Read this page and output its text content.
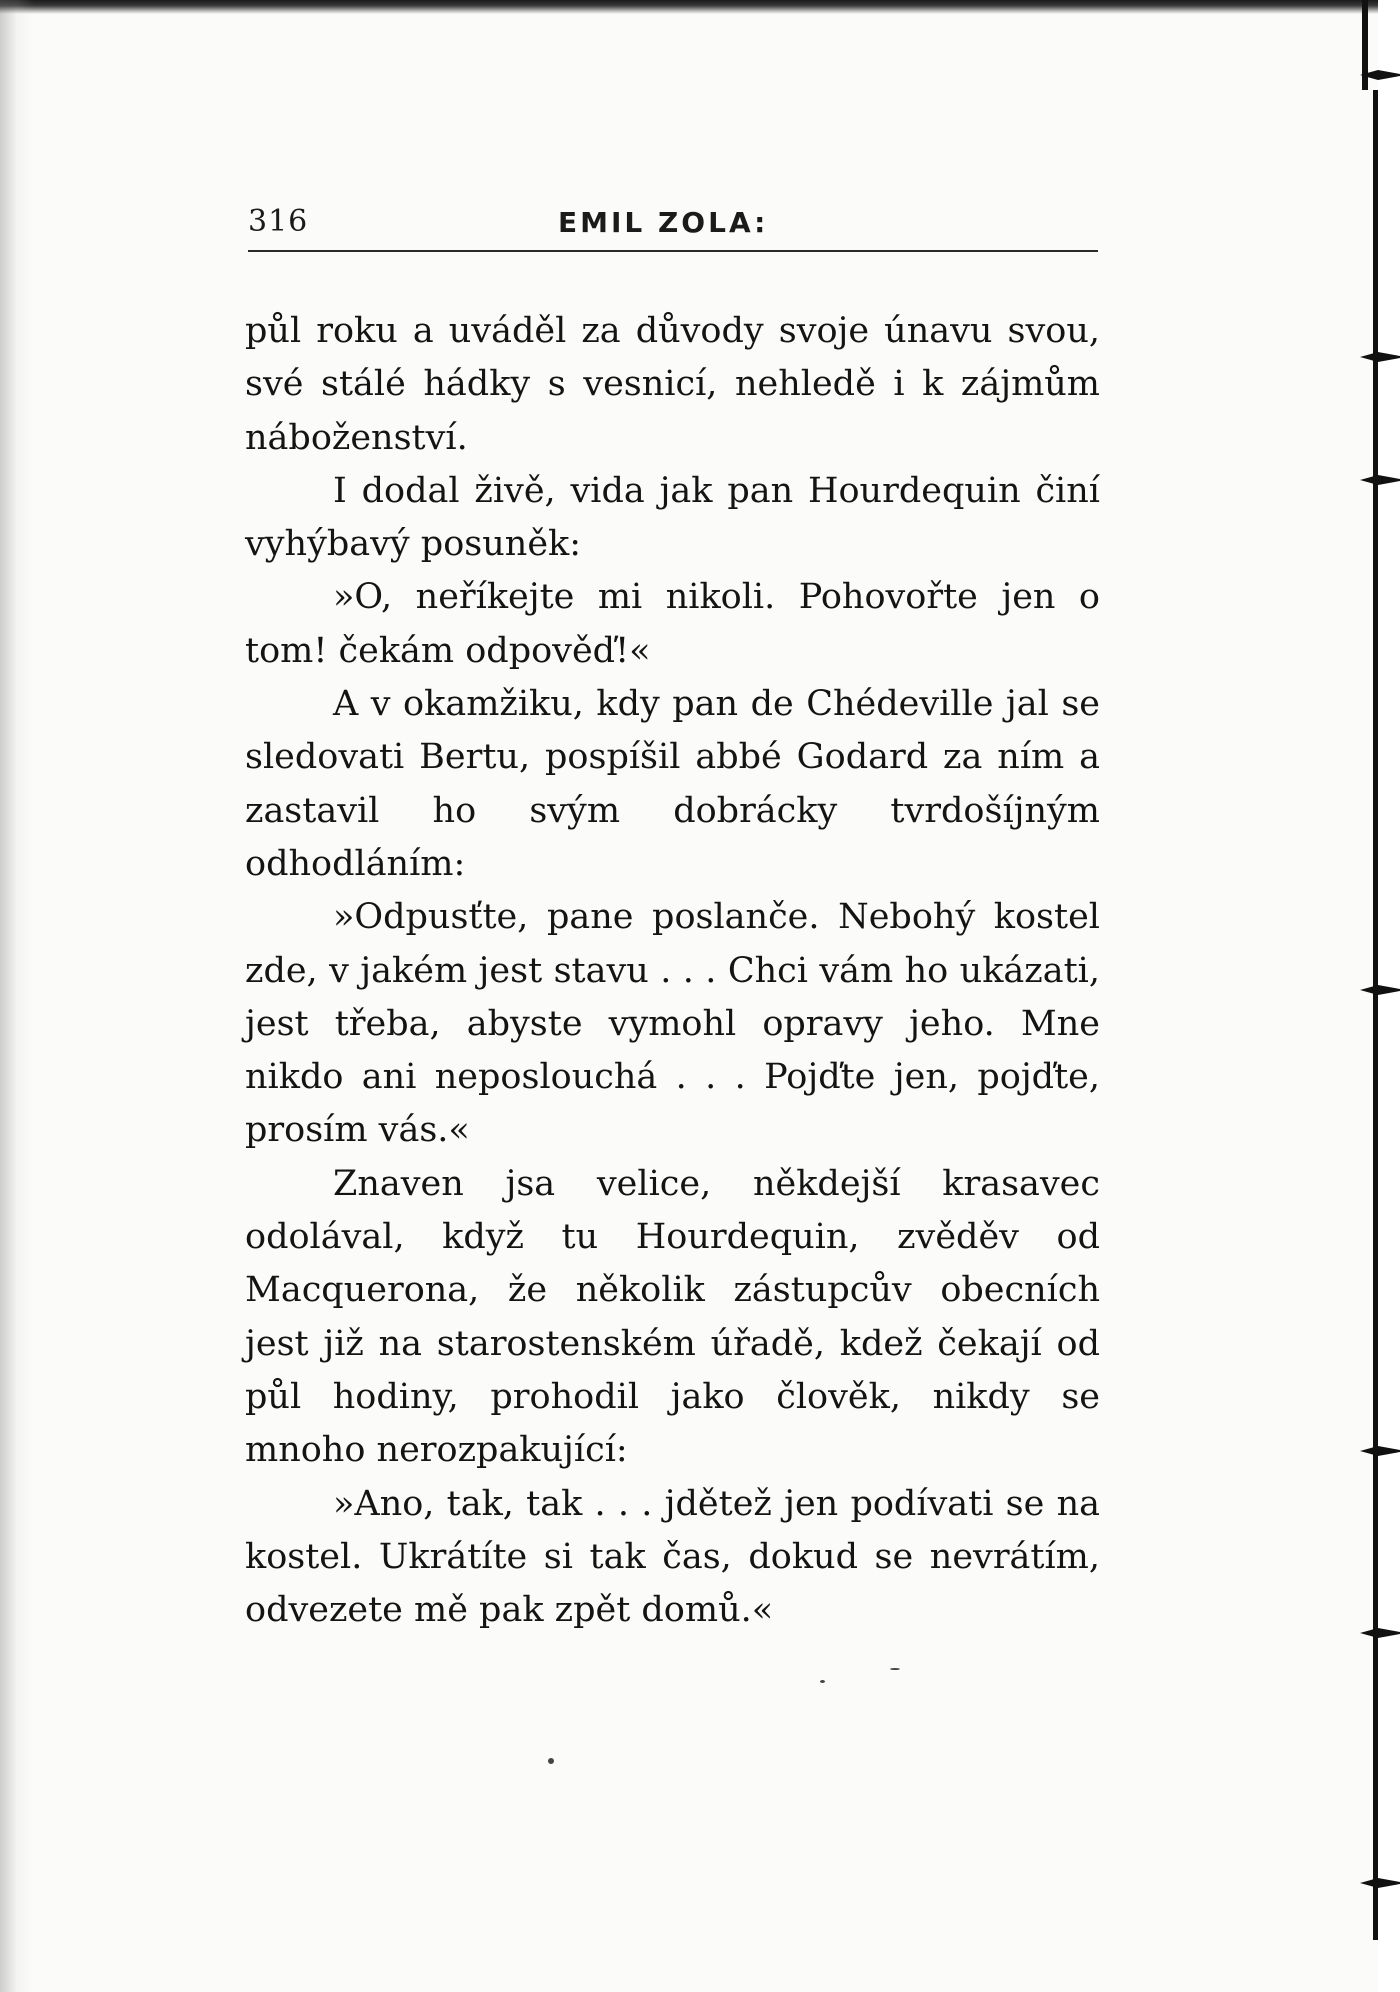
316	EMIL ZOLA:

půl roku a uváděl za důvody svoje únavu svou, své stálé hádky s vesnicí, nehledě i k zájmům náboženství.

I dodal živě, vida jak pan Hourdequin činí vyhýbavý posuněk:

»O, neříkejte mi nikoli. Pohovořte jen o tom! čekám odpověď!«

A v okamžiku, kdy pan de Chédeville jal se sledovati Bertu, pospíšil abbé Godard za ním a zastavil ho svým dobrácky tvrdošíjným odhodláním:

»Odpusťte, pane poslanče. Nebohý kostel zde, v jakém jest stavu . . . Chci vám ho ukázati, jest třeba, abyste vymohl opravy jeho. Mne nikdo ani neposlouchá . . . Pojďte jen, pojďte, prosím vás.«

Znaven jsa velice, někdejší krasavec odolával, když tu Hourdequin, zvěděv od Macquerona, že několik zástupcův obecních jest již na starostenském úřadě, kdež čekají od půl hodiny, prohodil jako člověk, nikdy se mnoho nerozpakující:

»Ano, tak, tak . . . jdětež jen podívati se na kostel. Ukrátíte si tak čas, dokud se nevrátím, odvezete mě pak zpět domů.«
